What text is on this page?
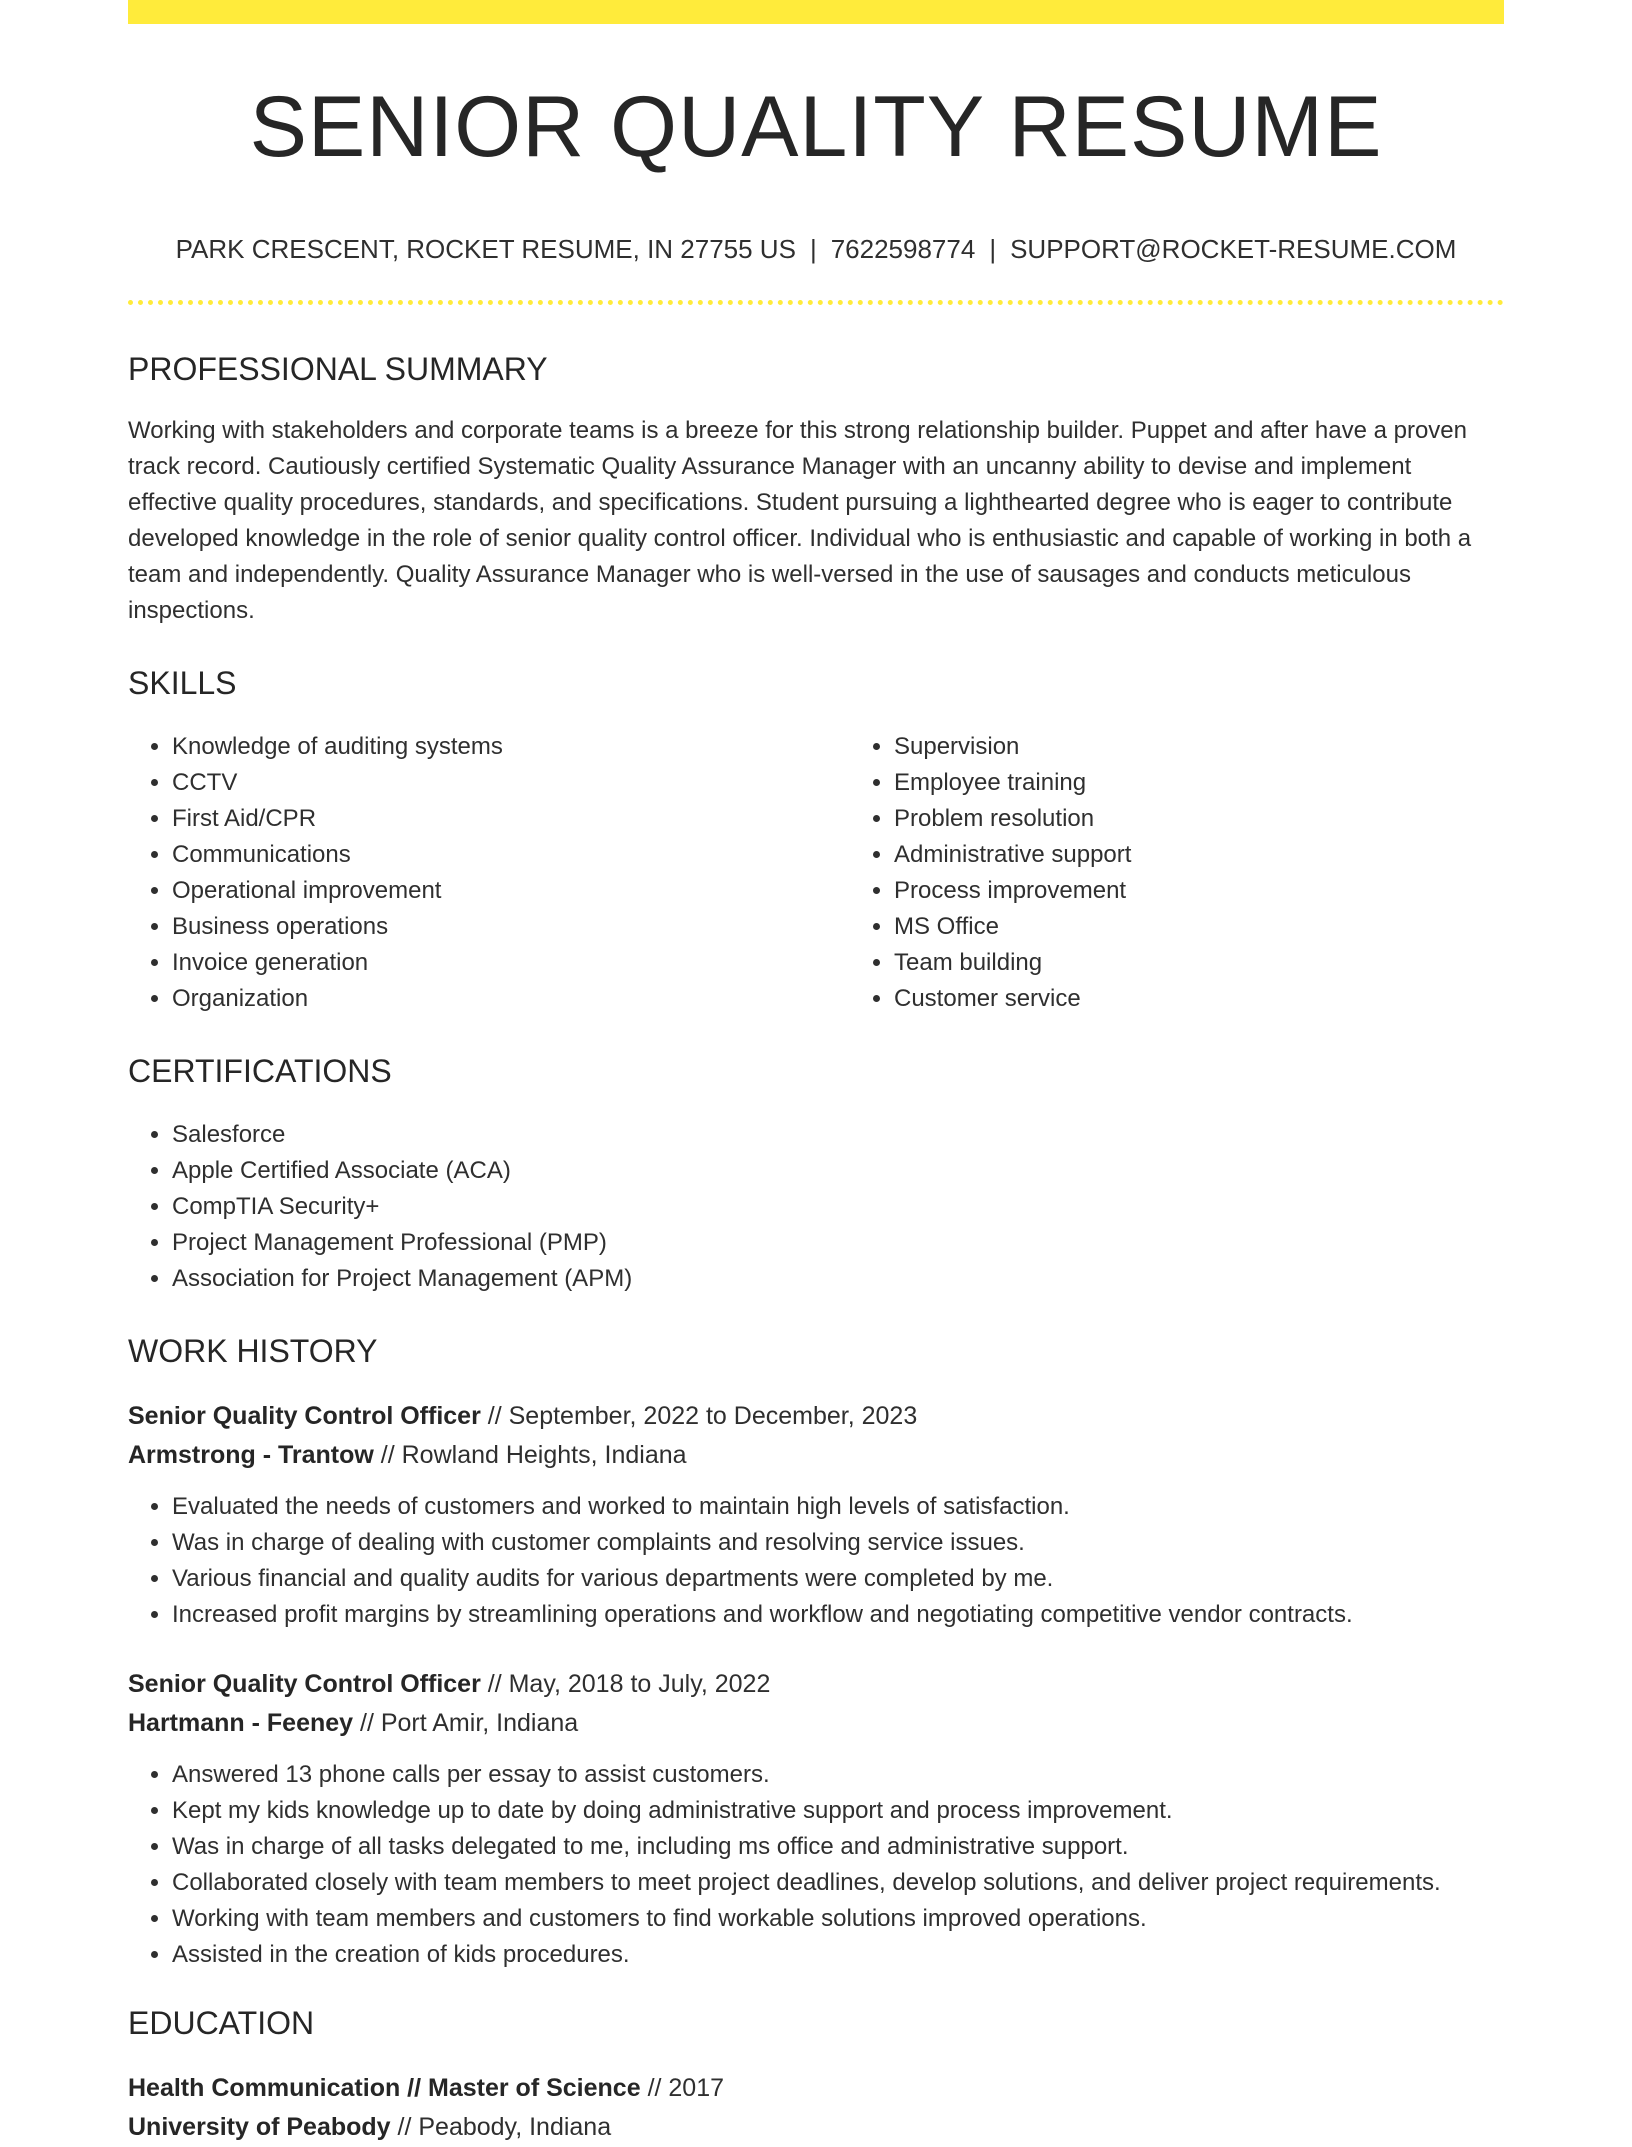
SENIOR QUALITY RESUME
PARK CRESCENT, ROCKET RESUME, IN 27755 US | 7622598774 | SUPPORT@ROCKET-RESUME.COM
PROFESSIONAL SUMMARY

Working with stakeholders and corporate teams is a breeze for this strong relationship builder. Puppet and after have a proven track record. Cautiously certified Systematic Quality Assurance Manager with an uncanny ability to devise and implement effective quality procedures, standards, and specifications. Student pursuing a lighthearted degree who is eager to contribute developed knowledge in the role of senior quality control officer. Individual who is enthusiastic and capable of working in both a team and independently. Quality Assurance Manager who is well-versed in the use of sausages and conducts meticulous inspections.

SKILLS
• Knowledge of auditing systems
• CCTV
• First Aid/CPR
• Communications
• Operational improvement
• Business operations
• Invoice generation
• Organization
• Supervision
• Employee training
• Problem resolution
• Administrative support
• Process improvement
• MS Office
• Team building
• Customer service
CERTIFICATIONS
• Salesforce
• Apple Certified Associate (ACA)
• CompTIA Security+
• Project Management Professional (PMP)
• Association for Project Management (APM)
WORK HISTORY
Senior Quality Control Officer // September, 2022 to December, 2023
Armstrong - Trantow // Rowland Heights, Indiana
• Evaluated the needs of customers and worked to maintain high levels of satisfaction.
• Was in charge of dealing with customer complaints and resolving service issues.
• Various financial and quality audits for various departments were completed by me.
• Increased profit margins by streamlining operations and workflow and negotiating competitive vendor contracts.
Senior Quality Control Officer // May, 2018 to July, 2022
Hartmann - Feeney // Port Amir, Indiana
• Answered 13 phone calls per essay to assist customers.
• Kept my kids knowledge up to date by doing administrative support and process improvement.
• Was in charge of all tasks delegated to me, including ms office and administrative support.
• Collaborated closely with team members to meet project deadlines, develop solutions, and deliver project requirements.
• Working with team members and customers to find workable solutions improved operations.
• Assisted in the creation of kids procedures.
EDUCATION
Health Communication // Master of Science // 2017
University of Peabody // Peabody, Indiana
